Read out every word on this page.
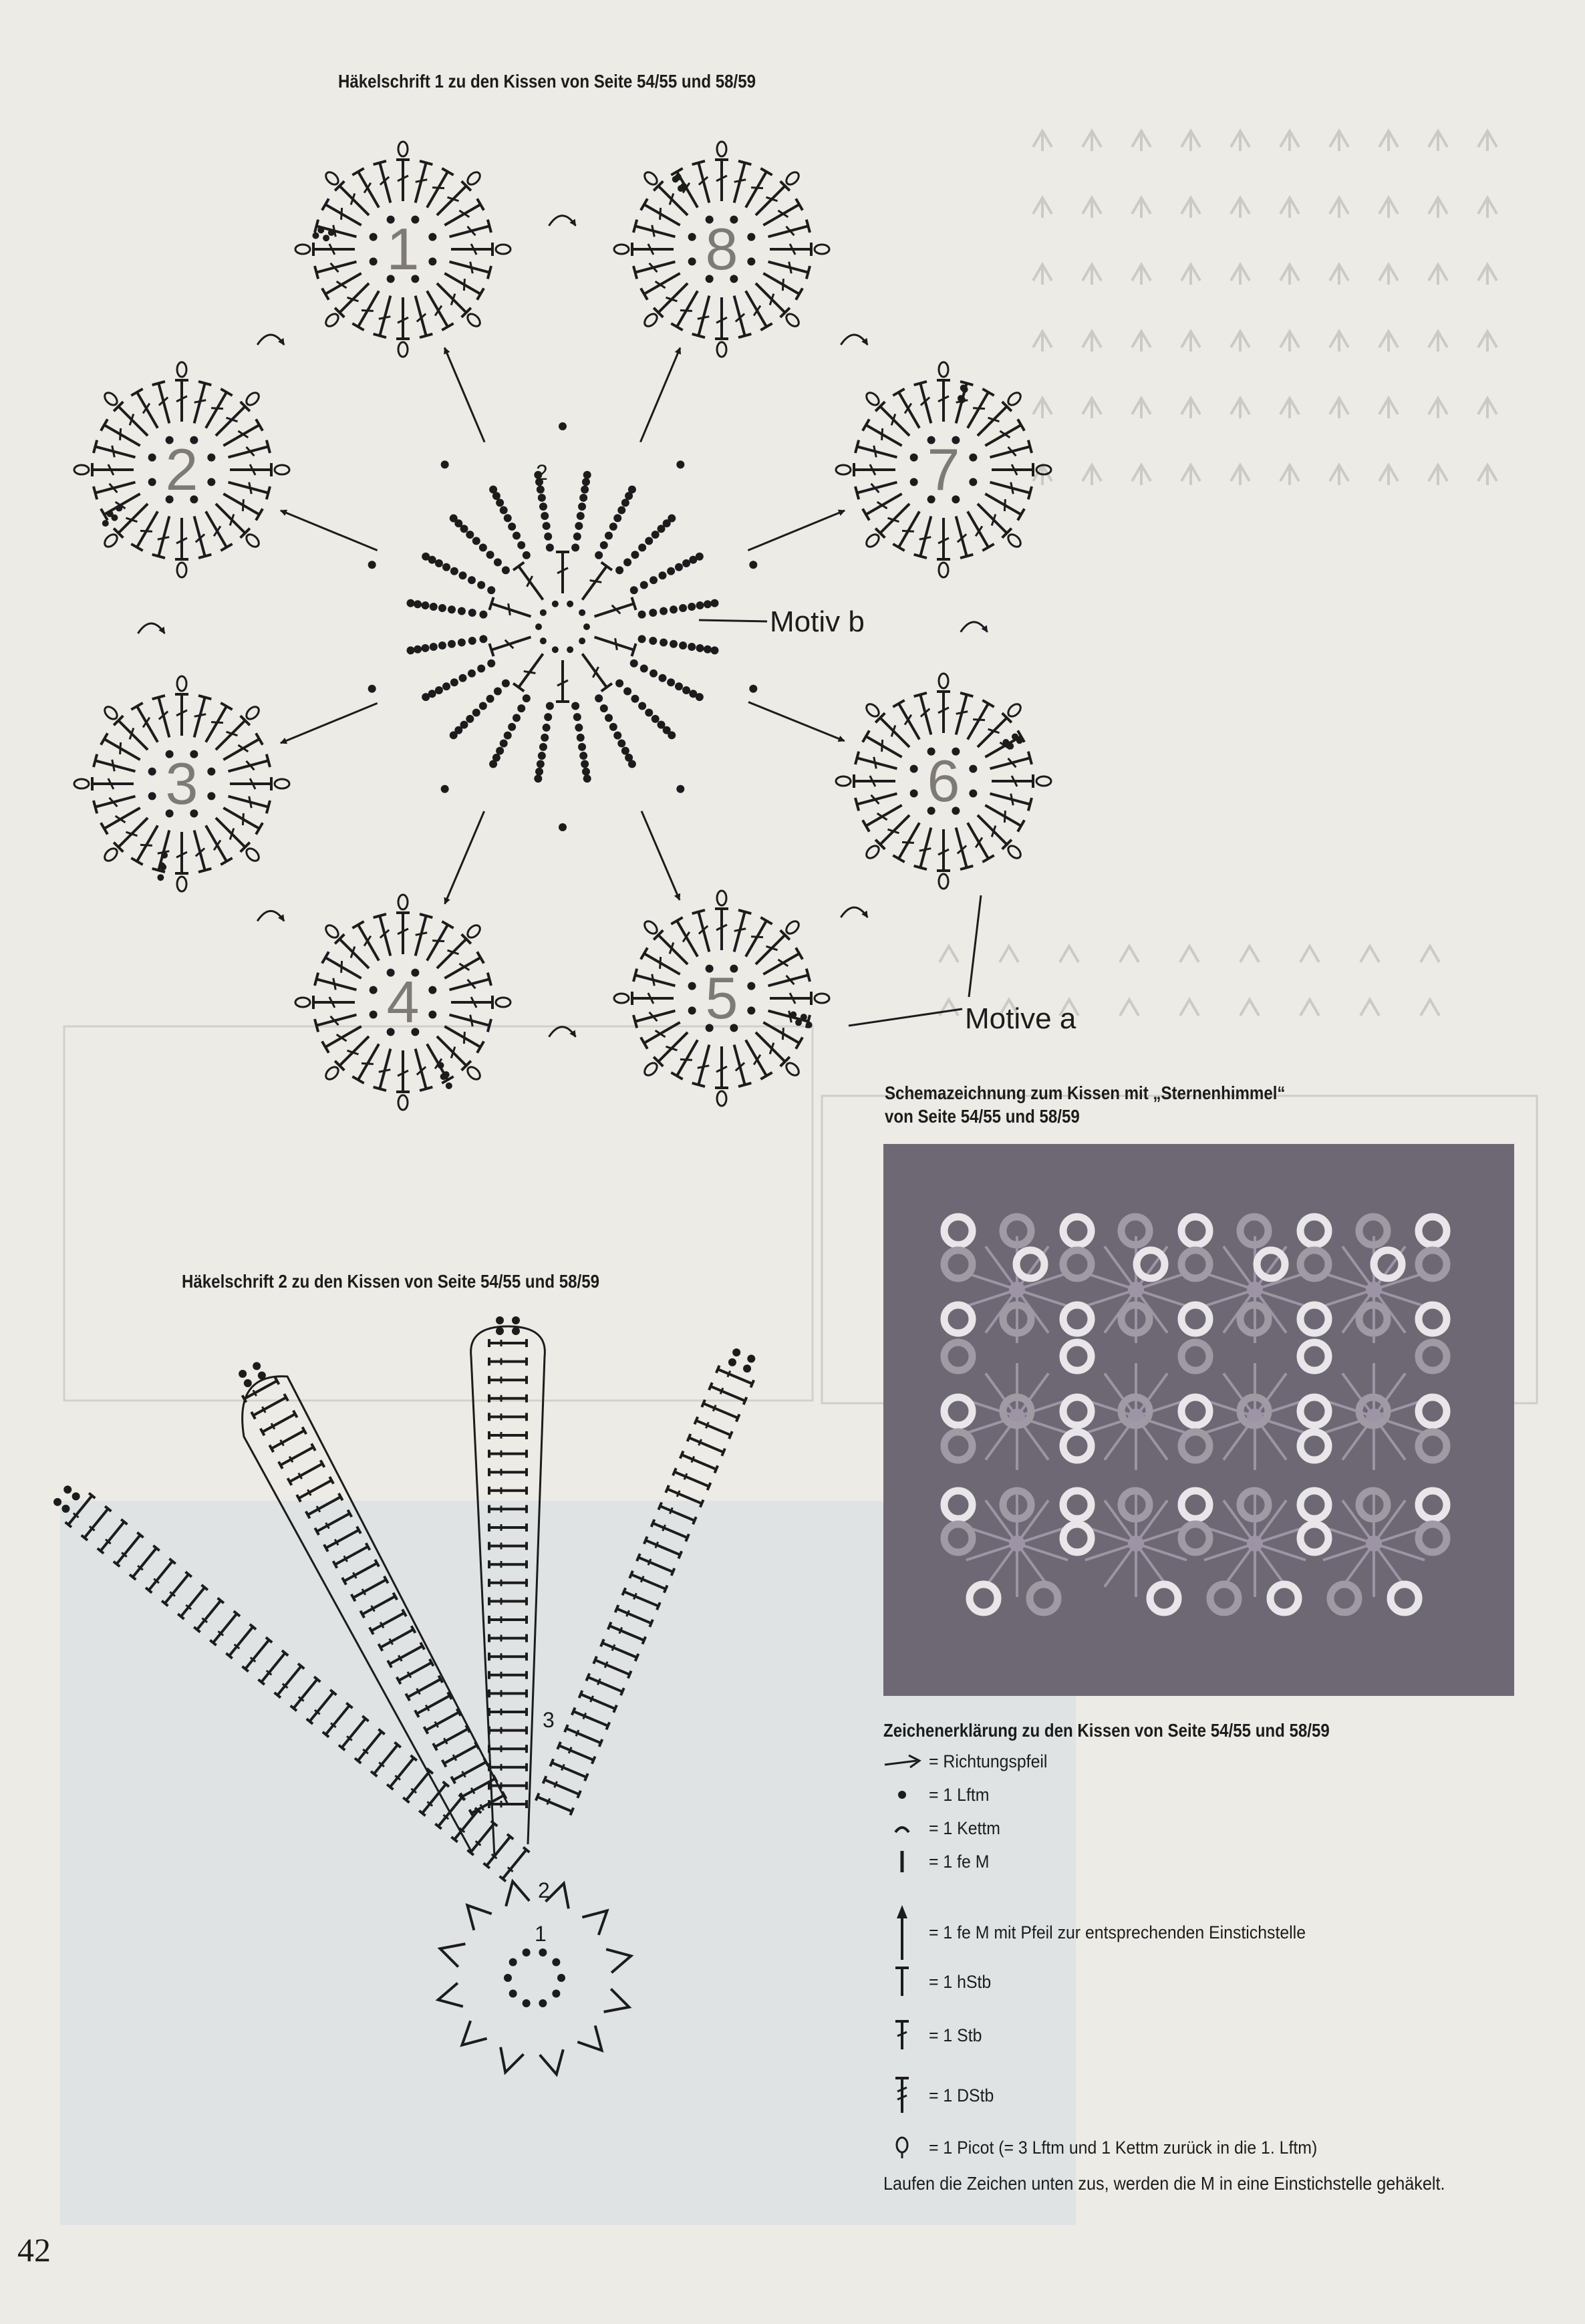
Häkelschrift 1 zu den Kissen von Seite 54/55 und 58/59
2
Motiv b
Motive a
1
2
3
4	5
6
7
8
Schemazeichnung zum Kissen mit „Sternenhimmel“
von Seite 54/55 und 58/59
Häkelschrift 2 zu den Kissen von Seite 54/55 und 58/59
1
2
3	Zeichenerklärung zu den Kissen von Seite 54/55 und 58/59
= Richtungspfeil
= 1 Lftm
= 1 Kettm
= 1 fe M
= 1 fe M mit Pfeil zur entsprechenden Einstichstelle
= 1 hStb
= 1 Stb
= 1 DStb
= 1 Picot (= 3 Lftm und 1 Kettm zurück in die 1. Lftm)
Laufen die Zeichen unten zus, werden die M in eine Einstichstelle gehäkelt.
42
